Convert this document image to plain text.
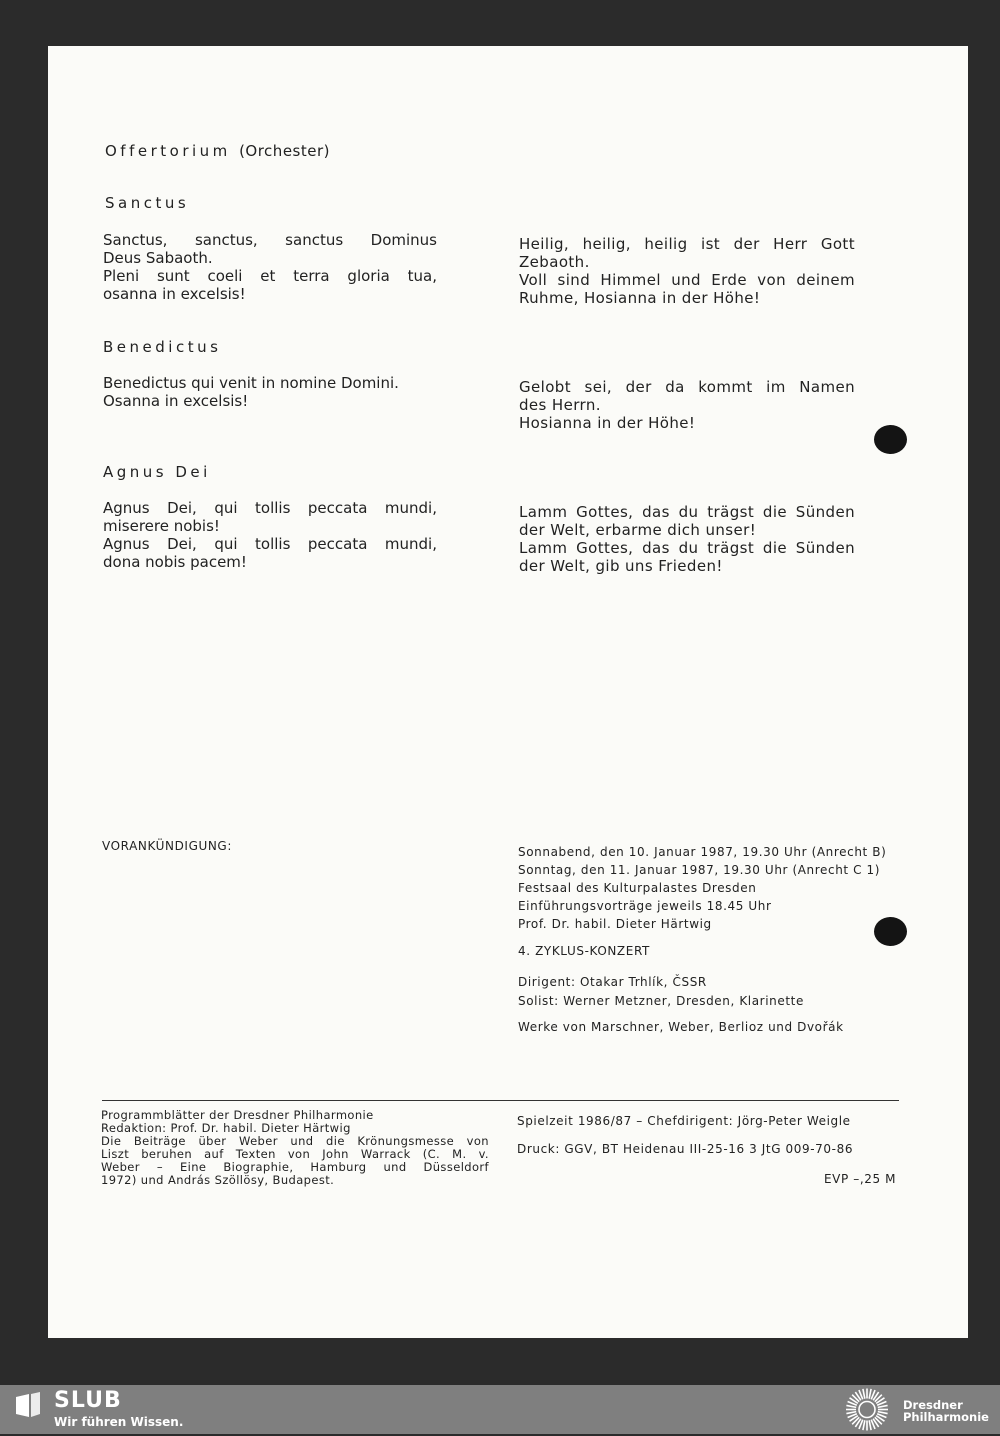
Offertorium (Orchester)
Sanctus
Sanctus, sanctus, sanctus Dominus
Deus Sabaoth.
Pleni sunt coeli et terra gloria tua,
osanna in excelsis!
Heilig, heilig, heilig ist der Herr Gott
Zebaoth.
Voll sind Himmel und Erde von deinem
Ruhme, Hosianna in der Höhe!
Benedictus
Benedictus qui venit in nomine Domini.
Osanna in excelsis!
Gelobt sei, der da kommt im Namen
des Herrn.
Hosianna in der Höhe!
Agnus Dei
Agnus Dei, qui tollis peccata mundi,
miserere nobis!
Agnus Dei, qui tollis peccata mundi,
dona nobis pacem!
Lamm Gottes, das du trägst die Sünden
der Welt, erbarme dich unser!
Lamm Gottes, das du trägst die Sünden
der Welt, gib uns Frieden!
VORANKÜNDIGUNG:	Sonnabend, den 10. Januar 1987, 19.30 Uhr (Anrecht B)
Sonntag, den 11. Januar 1987, 19.30 Uhr (Anrecht C 1)
Festsaal des Kulturpalastes Dresden
Einführungsvorträge jeweils 18.45 Uhr
Prof. Dr. habil. Dieter Härtwig
4. ZYKLUS-KONZERT
Dirigent: Otakar Trhlík, ČSSR
Solist: Werner Metzner, Dresden, Klarinette
Werke von Marschner, Weber, Berlioz und Dvořák
Programmblätter der Dresdner Philharmonie
Redaktion: Prof. Dr. habil. Dieter Härtwig
Die Beiträge über Weber und die Krönungsmesse von
Liszt beruhen auf Texten von John Warrack (C. M. v.
Weber – Eine Biographie, Hamburg und Düsseldorf
1972) und András Szöllösy, Budapest.
Spielzeit 1986/87 – Chefdirigent: Jörg-Peter Weigle
Druck: GGV, BT Heidenau III-25-16 3 JtG 009-70-86
EVP –,25 M
SLUB
Wir führen Wissen.
Dresdner
Philharmonie
